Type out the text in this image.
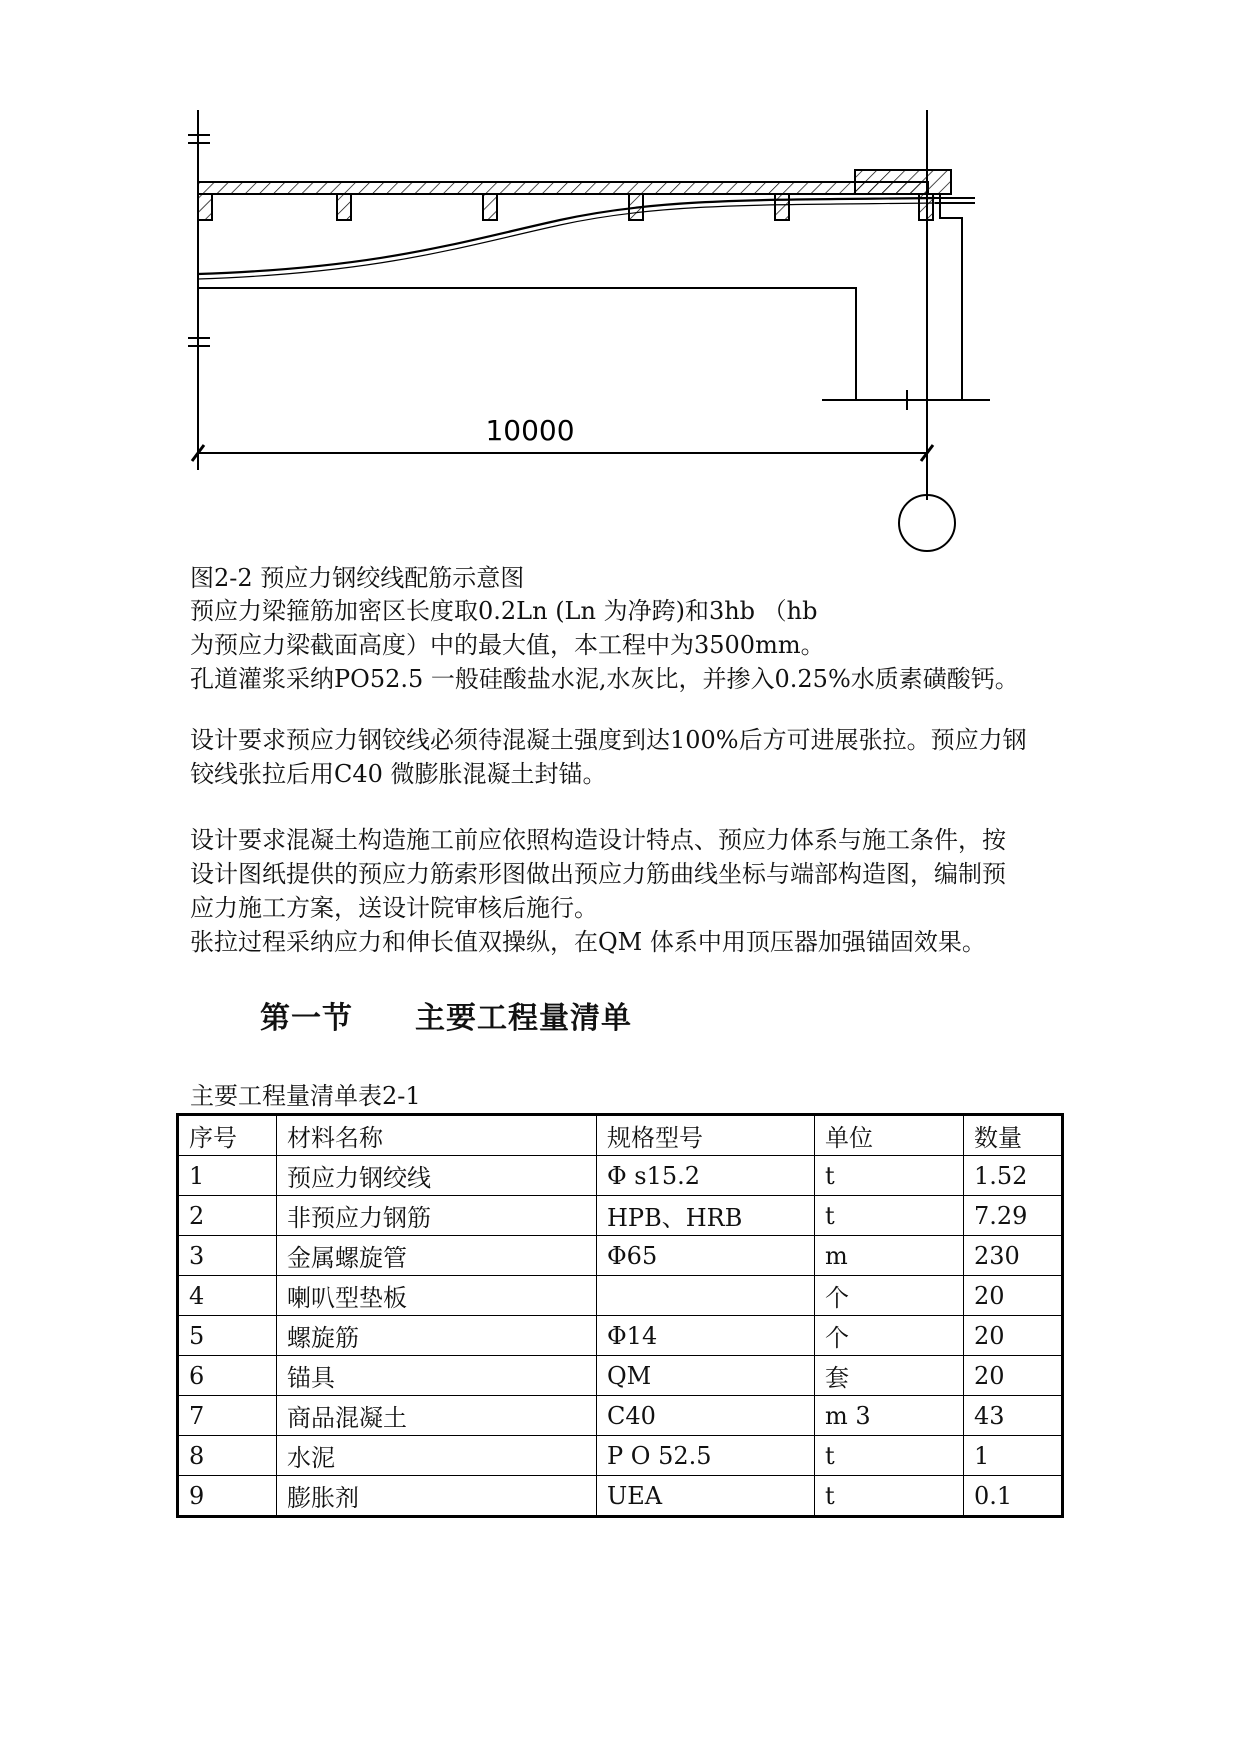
10000
图2-2 预应力钢绞线配筋示意图
预应力梁箍筋加密区长度取0.2Ln (Ln 为净跨)和3hb （hb
为预应力梁截面高度）中的最大值，本工程中为3500mm。
孔道灌浆采纳PO52.5 一般硅酸盐水泥,水灰比，并掺入0.25%水质素磺酸钙。
设计要求预应力钢铰线必须待混凝土强度到达100%后方可进展张拉。预应力钢
铰线张拉后用C40 微膨胀混凝土封锚。
设计要求混凝土构造施工前应依照构造设计特点、预应力体系与施工条件，按
设计图纸提供的预应力筋索形图做出预应力筋曲线坐标与端部构造图，编制预
应力施工方案，送设计院审核后施行。
张拉过程采纳应力和伸长值双操纵，在QM 体系中用顶压器加强锚固效果。
第一节 主要工程量清单
主要工程量清单表2-1
序号	材料名称	规格型号	单位	数量
1	预应力钢绞线	Φ s15.2	t	1.52
2	非预应力钢筋	HPB、HRB	t	7.29
3	金属螺旋管	Φ65	m	230
4	喇叭型垫板		个	20
5	螺旋筋	Φ14	个	20
6	锚具	QM	套	20
7	商品混凝土	C40	m 3	43
8	水泥	P O 52.5	t	1
9	膨胀剂	UEA	t	0.1
